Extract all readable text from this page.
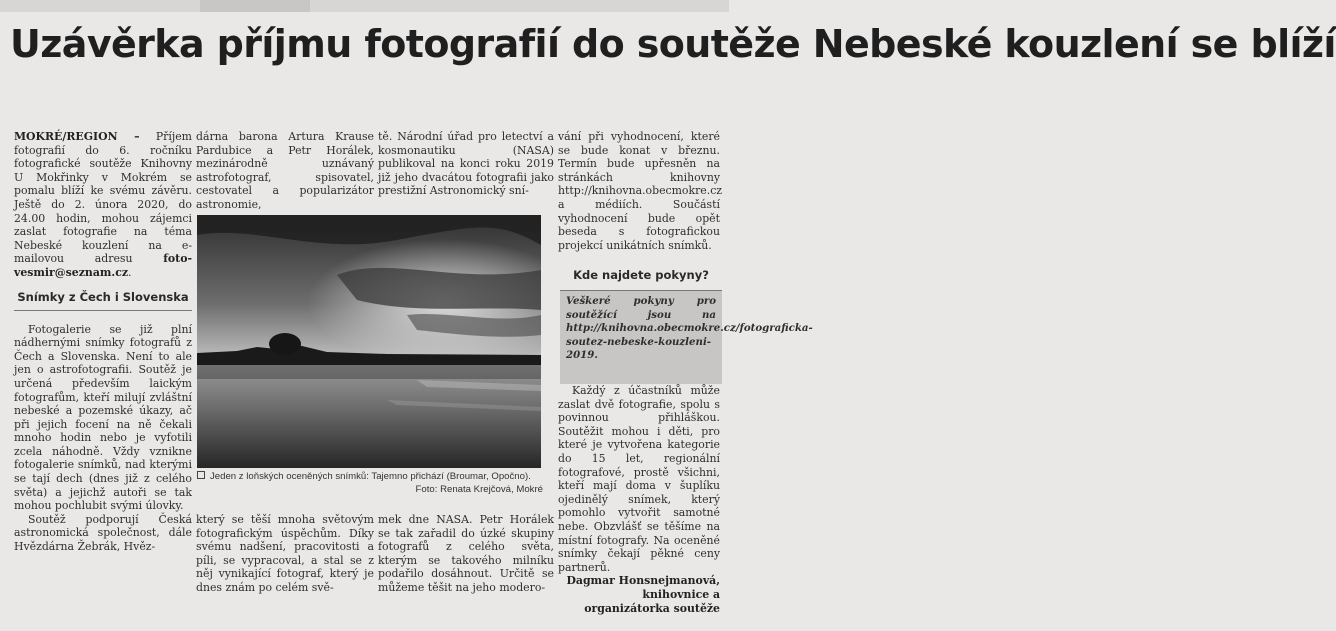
Uzávěrka příjmu fotografií do soutěže Nebeské kouzlení se blíží

MOKRÉ/REGION – Příjem fotografií do 6. ročníku fotografické soutěže Knihovny U Mokřinky v Mokrém se pomalu blíží ke svému závěru. Ještě do 2. února 2020, do 24.00 hodin, mohou zájemci zaslat fotografie na téma Nebeské kouzlení na e-mailovou adresu foto-vesmir@seznam.cz.

Snímky z Čech i Slovenska

Fotogalerie se již plní nádhernými snímky fotografů z Čech a Slovenska. Není to ale jen o astrofotografii. Soutěž je určená především laickým fotografům, kteří milují zvláštní nebeské a pozemské úkazy, ač při jejich focení na ně čekali mnoho hodin nebo je vyfotili zcela náhodně. Vždy vznikne fotogalerie snímků, nad kterými se tají dech (dnes již z celého světa) a jejichž autoři se tak mohou pochlubit svými úlovky.

Soutěž podporují Česká astronomická společnost, dále Hvězdárna Žebrák, Hvěz-

dárna barona Artura Krause Pardubice a Petr Horálek, mezinárodně uznávaný astrofotograf, spisovatel, cestovatel a popularizátor astronomie,

tě. Národní úřad pro letectví a kosmonautiku (NASA) publikoval na konci roku 2019 již jeho dvacátou fotografii jako prestižní Astronomický sní-

vání při vyhodnocení, které se bude konat v březnu. Termín bude upřesněn na stránkách knihovny http://knihovna.obecmokre.cz a médiích. Součástí vyhodnocení bude opět beseda s fotografickou projekcí unikátních snímků.

Kde najdete pokyny?
Veškeré pokyny pro soutěžící jsou na http://knihovna.obecmokre.cz/fotograficka-soutez-nebeske-kouzleni-2019.

Každý z účastníků může zaslat dvě fotografie, spolu s povinnou přihláškou. Soutěžit mohou i děti, pro které je vytvořena kategorie do 15 let, regionální fotografové, prostě všichni, kteří mají doma v šuplíku ojedinělý snímek, který pomohlo vytvořit samotné nebe. Obzvlášť se těšíme na místní fotografy. Na oceněné snímky čekají pěkné ceny partnerů.

Dagmar Honsnejmanová, knihovnice a organizátorka soutěže

Jeden z loňských oceněných snímků: Tajemno přichází (Broumar, Opočno).
Foto: Renata Krejčová, Mokré

který se těší mnoha světovým fotografickým úspěchům. Díky svému nadšení, pracovitosti a píli, se vypracoval, a stal se z něj vynikající fotograf, který je dnes znám po celém svě-

mek dne NASA. Petr Horálek se tak zařadil do úzké skupiny fotografů z celého světa, kterým se takového milníku podařilo dosáhnout. Určitě se můžeme těšit na jeho modero-
